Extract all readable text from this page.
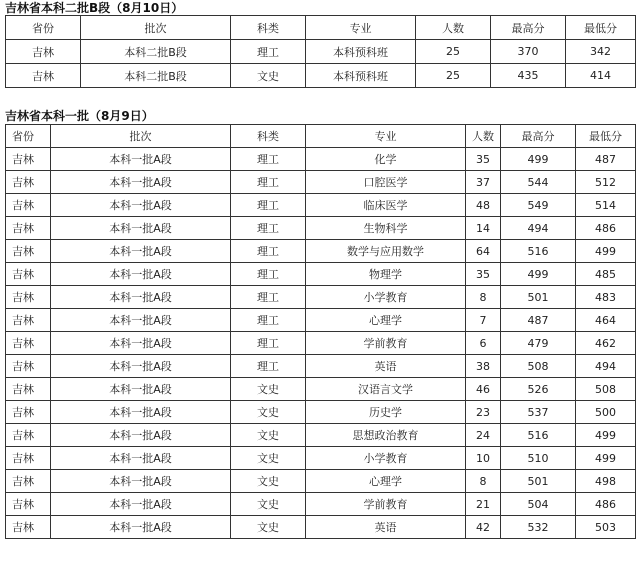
吉林省本科二批B段（8月10日）
省份	批次	科类	专业	人数	最高分	最低分
吉林	本科二批B段	理工	本科预科班	25	370	342
吉林	本科二批B段	文史	本科预科班	25	435	414
吉林省本科一批（8月9日）
省份	批次	科类	专业	人数	最高分	最低分
吉林	本科一批A段	理工	化学	35	499	487
吉林	本科一批A段	理工	口腔医学	37	544	512
吉林	本科一批A段	理工	临床医学	48	549	514
吉林	本科一批A段	理工	生物科学	14	494	486
吉林	本科一批A段	理工	数学与应用数学	64	516	499
吉林	本科一批A段	理工	物理学	35	499	485
吉林	本科一批A段	理工	小学教育	8	501	483
吉林	本科一批A段	理工	心理学	7	487	464
吉林	本科一批A段	理工	学前教育	6	479	462
吉林	本科一批A段	理工	英语	38	508	494
吉林	本科一批A段	文史	汉语言文学	46	526	508
吉林	本科一批A段	文史	历史学	23	537	500
吉林	本科一批A段	文史	思想政治教育	24	516	499
吉林	本科一批A段	文史	小学教育	10	510	499
吉林	本科一批A段	文史	心理学	8	501	498
吉林	本科一批A段	文史	学前教育	21	504	486
吉林	本科一批A段	文史	英语	42	532	503
